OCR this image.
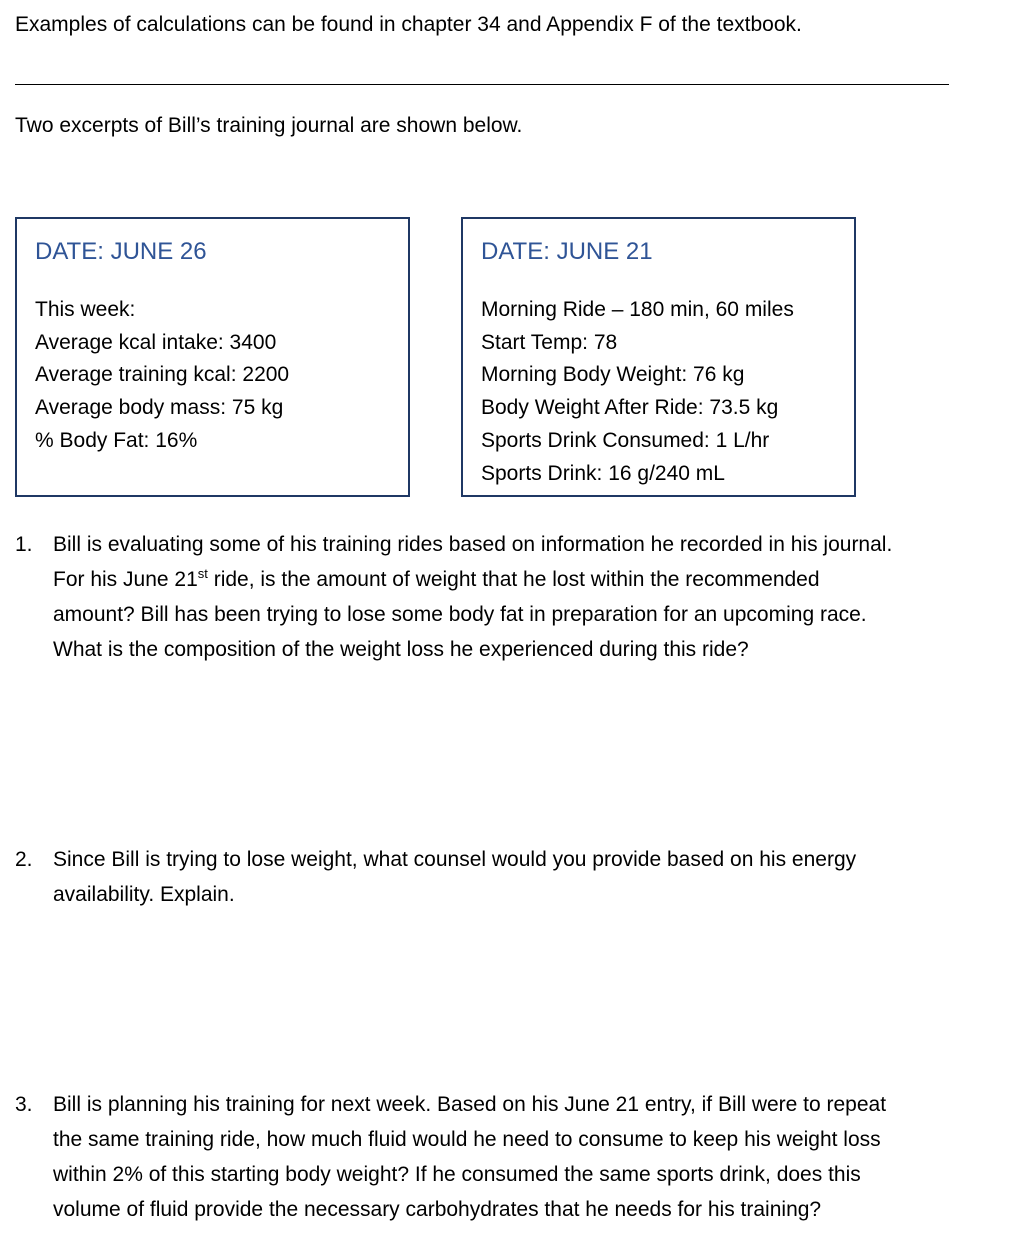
Examples of calculations can be found in chapter 34 and Appendix F of the textbook.
Two excerpts of Bill’s training journal are shown below.
DATE: JUNE 26
This week:
Average kcal intake: 3400
Average training kcal: 2200
Average body mass: 75 kg
% Body Fat: 16%
DATE: JUNE 21
Morning Ride – 180 min, 60 miles
Start Temp: 78
Morning Body Weight: 76 kg
Body Weight After Ride: 73.5 kg
Sports Drink Consumed: 1 L/hr
Sports Drink: 16 g/240 mL
1. Bill is evaluating some of his training rides based on information he recorded in his journal.
For his June 21st ride, is the amount of weight that he lost within the recommended
amount? Bill has been trying to lose some body fat in preparation for an upcoming race.
What is the composition of the weight loss he experienced during this ride?
2. Since Bill is trying to lose weight, what counsel would you provide based on his energy
availability. Explain.
3. Bill is planning his training for next week. Based on his June 21 entry, if Bill were to repeat
the same training ride, how much fluid would he need to consume to keep his weight loss
within 2% of this starting body weight? If he consumed the same sports drink, does this
volume of fluid provide the necessary carbohydrates that he needs for his training?
